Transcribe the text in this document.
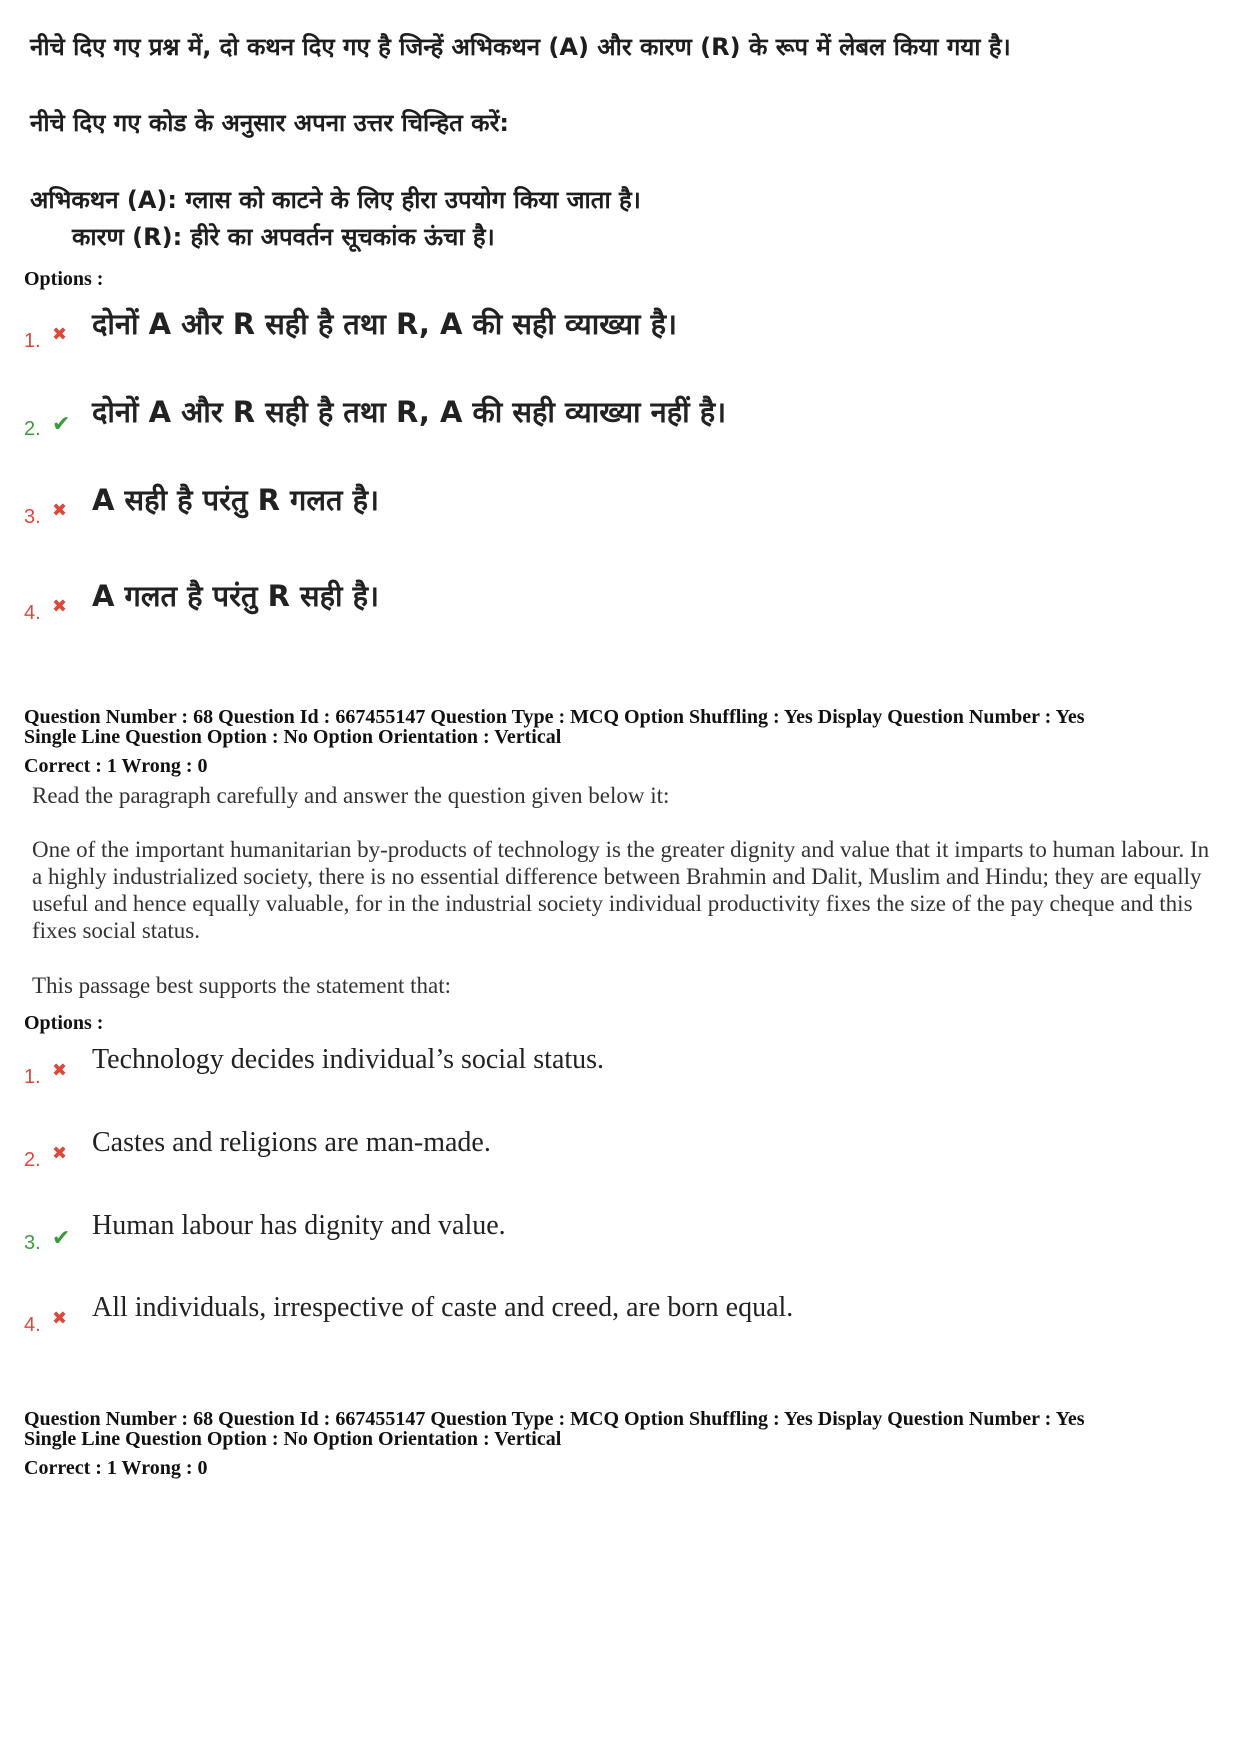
नीचे दिए गए प्रश्न में, दो कथन दिए गए है जिन्हें अभिकथन (A) और कारण (R) के रूप में लेबल किया गया है।
नीचे दिए गए कोड के अनुसार अपना उत्तर चिन्हित करें:
अभिकथन (A): ग्लास को काटने के लिए हीरा उपयोग किया जाता है।
कारण (R): हीरे का अपवर्तन सूचकांक ऊंचा है।
Options :
1. ✖ दोनों A और R सही है तथा R, A की सही व्याख्या है।
2. ✔ दोनों A और R सही है तथा R, A की सही व्याख्या नहीं है।
3. ✖ A सही है परंतु R गलत है।
4. ✖ A गलत है परंतु R सही है।
Question Number : 68 Question Id : 667455147 Question Type : MCQ Option Shuffling : Yes Display Question Number : Yes
Single Line Question Option : No Option Orientation : Vertical
Correct : 1 Wrong : 0
Read the paragraph carefully and answer the question given below it:
One of the important humanitarian by-products of technology is the greater dignity and value that it imparts to human labour. In a highly industrialized society, there is no essential difference between Brahmin and Dalit, Muslim and Hindu; they are equally useful and hence equally valuable, for in the industrial society individual productivity fixes the size of the pay cheque and this fixes social status.
This passage best supports the statement that:
Options :
1. ✖ Technology decides individual’s social status.
2. ✖ Castes and religions are man-made.
3. ✔ Human labour has dignity and value.
4. ✖ All individuals, irrespective of caste and creed, are born equal.
Question Number : 68 Question Id : 667455147 Question Type : MCQ Option Shuffling : Yes Display Question Number : Yes
Single Line Question Option : No Option Orientation : Vertical
Correct : 1 Wrong : 0
